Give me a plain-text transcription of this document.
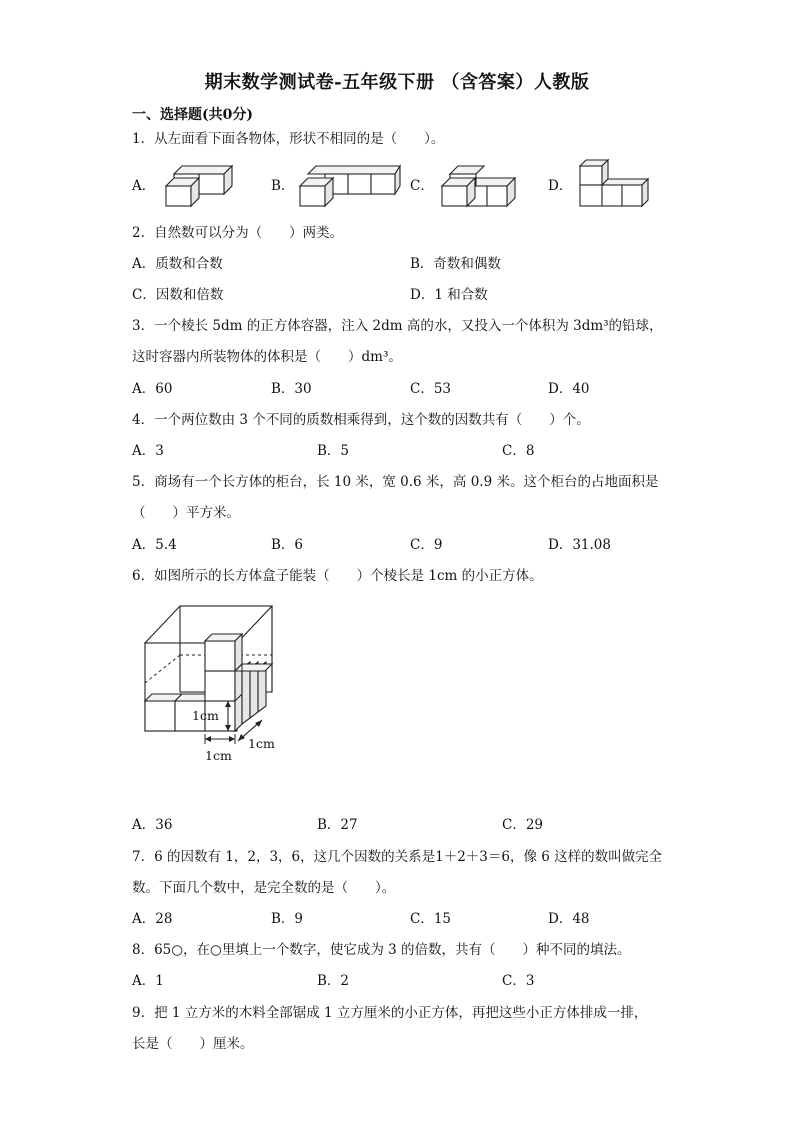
期末数学测试卷-五年级下册 （含答案）人教版
一、选择题(共0分)
1．从左面看下面各物体，形状不相同的是（　　）。
A．	B．	C．	D．
2．自然数可以分为（　　）两类。
A．质数和合数	B．奇数和偶数
C．因数和倍数	D．1 和合数
3．一个棱长 5dm 的正方体容器，注入 2dm 高的水，又投入一个体积为 3dm³的铅球，
这时容器内所装物体的体积是（　　）dm³。
A．60	B．30	C．53	D．40
4．一个两位数由 3 个不同的质数相乘得到，这个数的因数共有（　　）个。
A．3	B．5	C．8
5．商场有一个长方体的柜台，长 10 米，宽 0.6 米，高 0.9 米。这个柜台的占地面积是
（　　）平方米。
A．5.4	B．6	C．9	D．31.08
6．如图所示的长方体盒子能装（　　）个棱长是 1cm 的小正方体。
1cm
1cm
1cm
A．36	B．27	C．29
7．6 的因数有 1，2，3，6，这几个因数的关系是1＋2＋3＝6，像 6 这样的数叫做完全
数。下面几个数中，是完全数的是（　　）。
A．28	B．9	C．15	D．48
8．65○，在○里填上一个数字，使它成为 3 的倍数，共有（　　）种不同的填法。
A．1	B．2	C．3
9．把 1 立方米的木料全部锯成 1 立方厘米的小正方体，再把这些小正方体排成一排，
长是（　　）厘米。
